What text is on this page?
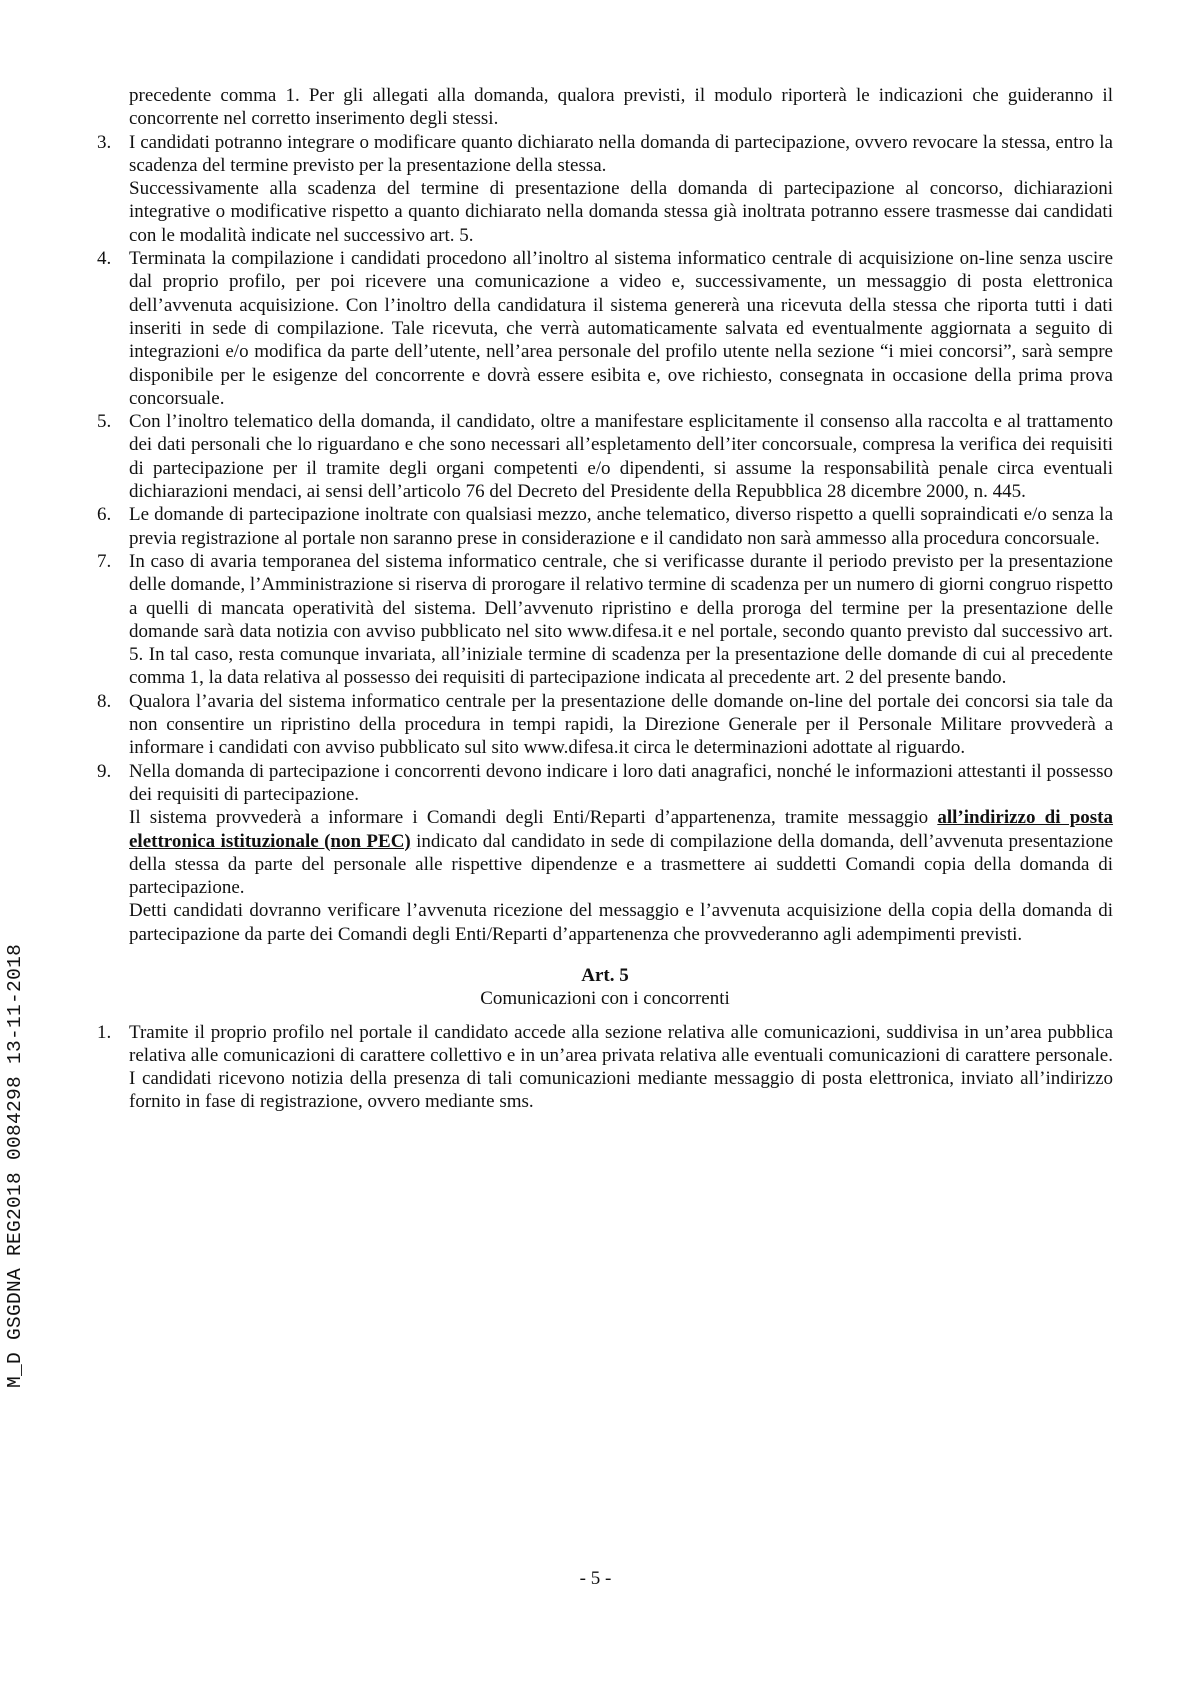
M_D GSGDNA REG2018 0084298 13-11-2018

precedente comma 1. Per gli allegati alla domanda, qualora previsti, il modulo riporterà le indicazioni che guideranno il concorrente nel corretto inserimento degli stessi.

3. I candidati potranno integrare o modificare quanto dichiarato nella domanda di partecipazione, ovvero revocare la stessa, entro la scadenza del termine previsto per la presentazione della stessa.

Successivamente alla scadenza del termine di presentazione della domanda di partecipazione al concorso, dichiarazioni integrative o modificative rispetto a quanto dichiarato nella domanda stessa già inoltrata potranno essere trasmesse dai candidati con le modalità indicate nel successivo art. 5.

4. Terminata la compilazione i candidati procedono all’inoltro al sistema informatico centrale di acquisizione on-line senza uscire dal proprio profilo, per poi ricevere una comunicazione a video e, successivamente, un messaggio di posta elettronica dell’avvenuta acquisizione. Con l’inoltro della candidatura il sistema genererà una ricevuta della stessa che riporta tutti i dati inseriti in sede di compilazione. Tale ricevuta, che verrà automaticamente salvata ed eventualmente aggiornata a seguito di integrazioni e/o modifica da parte dell’utente, nell’area personale del profilo utente nella sezione “i miei concorsi”, sarà sempre disponibile per le esigenze del concorrente e dovrà essere esibita e, ove richiesto, consegnata in occasione della prima prova concorsuale.

5. Con l’inoltro telematico della domanda, il candidato, oltre a manifestare esplicitamente il consenso alla raccolta e al trattamento dei dati personali che lo riguardano e che sono necessari all’espletamento dell’iter concorsuale, compresa la verifica dei requisiti di partecipazione per il tramite degli organi competenti e/o dipendenti, si assume la responsabilità penale circa eventuali dichiarazioni mendaci, ai sensi dell’articolo 76 del Decreto del Presidente della Repubblica 28 dicembre 2000, n. 445.

6. Le domande di partecipazione inoltrate con qualsiasi mezzo, anche telematico, diverso rispetto a quelli sopraindicati e/o senza la previa registrazione al portale non saranno prese in considerazione e il candidato non sarà ammesso alla procedura concorsuale.

7. In caso di avaria temporanea del sistema informatico centrale, che si verificasse durante il periodo previsto per la presentazione delle domande, l’Amministrazione si riserva di prorogare il relativo termine di scadenza per un numero di giorni congruo rispetto a quelli di mancata operatività del sistema. Dell’avvenuto ripristino e della proroga del termine per la presentazione delle domande sarà data notizia con avviso pubblicato nel sito www.difesa.it e nel portale, secondo quanto previsto dal successivo art. 5. In tal caso, resta comunque invariata, all’iniziale termine di scadenza per la presentazione delle domande di cui al precedente comma 1, la data relativa al possesso dei requisiti di partecipazione indicata al precedente art. 2 del presente bando.

8. Qualora l’avaria del sistema informatico centrale per la presentazione delle domande on-line del portale dei concorsi sia tale da non consentire un ripristino della procedura in tempi rapidi, la Direzione Generale per il Personale Militare provvederà a informare i candidati con avviso pubblicato sul sito www.difesa.it circa le determinazioni adottate al riguardo.

9. Nella domanda di partecipazione i concorrenti devono indicare i loro dati anagrafici, nonché le informazioni attestanti il possesso dei requisiti di partecipazione.

Il sistema provvederà a informare i Comandi degli Enti/Reparti d’appartenenza, tramite messaggio all’indirizzo di posta elettronica istituzionale (non PEC) indicato dal candidato in sede di compilazione della domanda, dell’avvenuta presentazione della stessa da parte del personale alle rispettive dipendenze e a trasmettere ai suddetti Comandi copia della domanda di partecipazione.

Detti candidati dovranno verificare l’avvenuta ricezione del messaggio e l’avvenuta acquisizione della copia della domanda di partecipazione da parte dei Comandi degli Enti/Reparti d’appartenenza che provvederanno agli adempimenti previsti.

Art. 5
Comunicazioni con i concorrenti
1. Tramite il proprio profilo nel portale il candidato accede alla sezione relativa alle comunicazioni, suddivisa in un’area pubblica relativa alle comunicazioni di carattere collettivo e in un’area privata relativa alle eventuali comunicazioni di carattere personale. I candidati ricevono notizia della presenza di tali comunicazioni mediante messaggio di posta elettronica, inviato all’indirizzo fornito in fase di registrazione, ovvero mediante sms.

- 5 -
